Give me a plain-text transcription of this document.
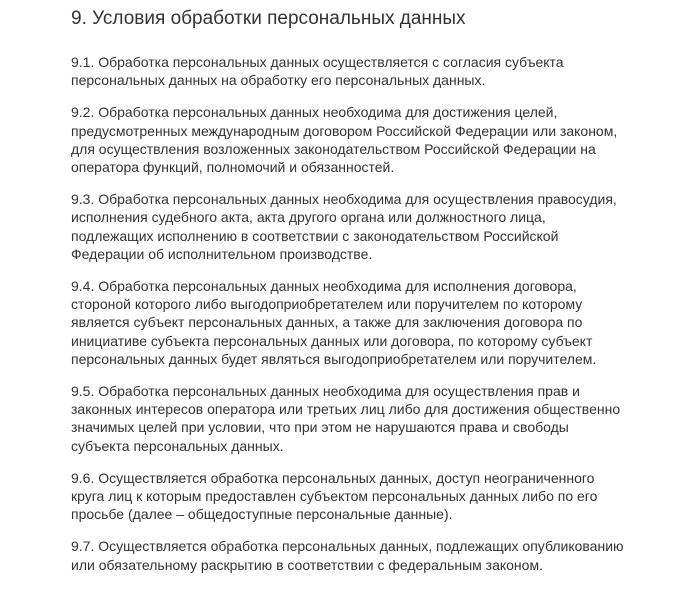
9. Условия обработки персональных данных

9.1. Обработка персональных данных осуществляется с согласия субъекта
персональных данных на обработку его персональных данных.

9.2. Обработка персональных данных необходима для достижения целей,
предусмотренных международным договором Российской Федерации или законом,
для осуществления возложенных законодательством Российской Федерации на
оператора функций, полномочий и обязанностей.

9.3. Обработка персональных данных необходима для осуществления правосудия,
исполнения судебного акта, акта другого органа или должностного лица,
подлежащих исполнению в соответствии с законодательством Российской
Федерации об исполнительном производстве.

9.4. Обработка персональных данных необходима для исполнения договора,
стороной которого либо выгодоприобретателем или поручителем по которому
является субъект персональных данных, а также для заключения договора по
инициативе субъекта персональных данных или договора, по которому субъект
персональных данных будет являться выгодоприобретателем или поручителем.

9.5. Обработка персональных данных необходима для осуществления прав и
законных интересов оператора или третьих лиц либо для достижения общественно
значимых целей при условии, что при этом не нарушаются права и свободы
субъекта персональных данных.

9.6. Осуществляется обработка персональных данных, доступ неограниченного
круга лиц к которым предоставлен субъектом персональных данных либо по его
просьбе (далее – общедоступные персональные данные).

9.7. Осуществляется обработка персональных данных, подлежащих опубликованию
или обязательному раскрытию в соответствии с федеральным законом.
